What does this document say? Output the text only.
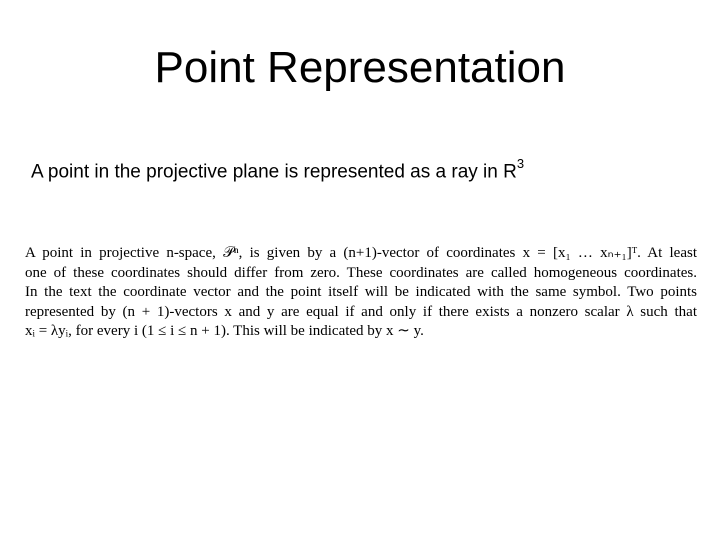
Point Representation
A point in the projective plane is represented as a ray in $R^3$
A point in projective n-space, 𝒫ⁿ, is given by a (n+1)-vector of coordinates x = [x₁ … xₙ₊₁]ᵀ. At least
one of these coordinates should differ from zero. These coordinates are called homogeneous coordinates.
In the text the coordinate vector and the point itself will be indicated with the same symbol. Two points
represented by (n + 1)-vectors x and y are equal if and only if there exists a nonzero scalar λ such that
xᵢ = λyᵢ, for every i (1 ≤ i ≤ n + 1). This will be indicated by x ∼ y.
